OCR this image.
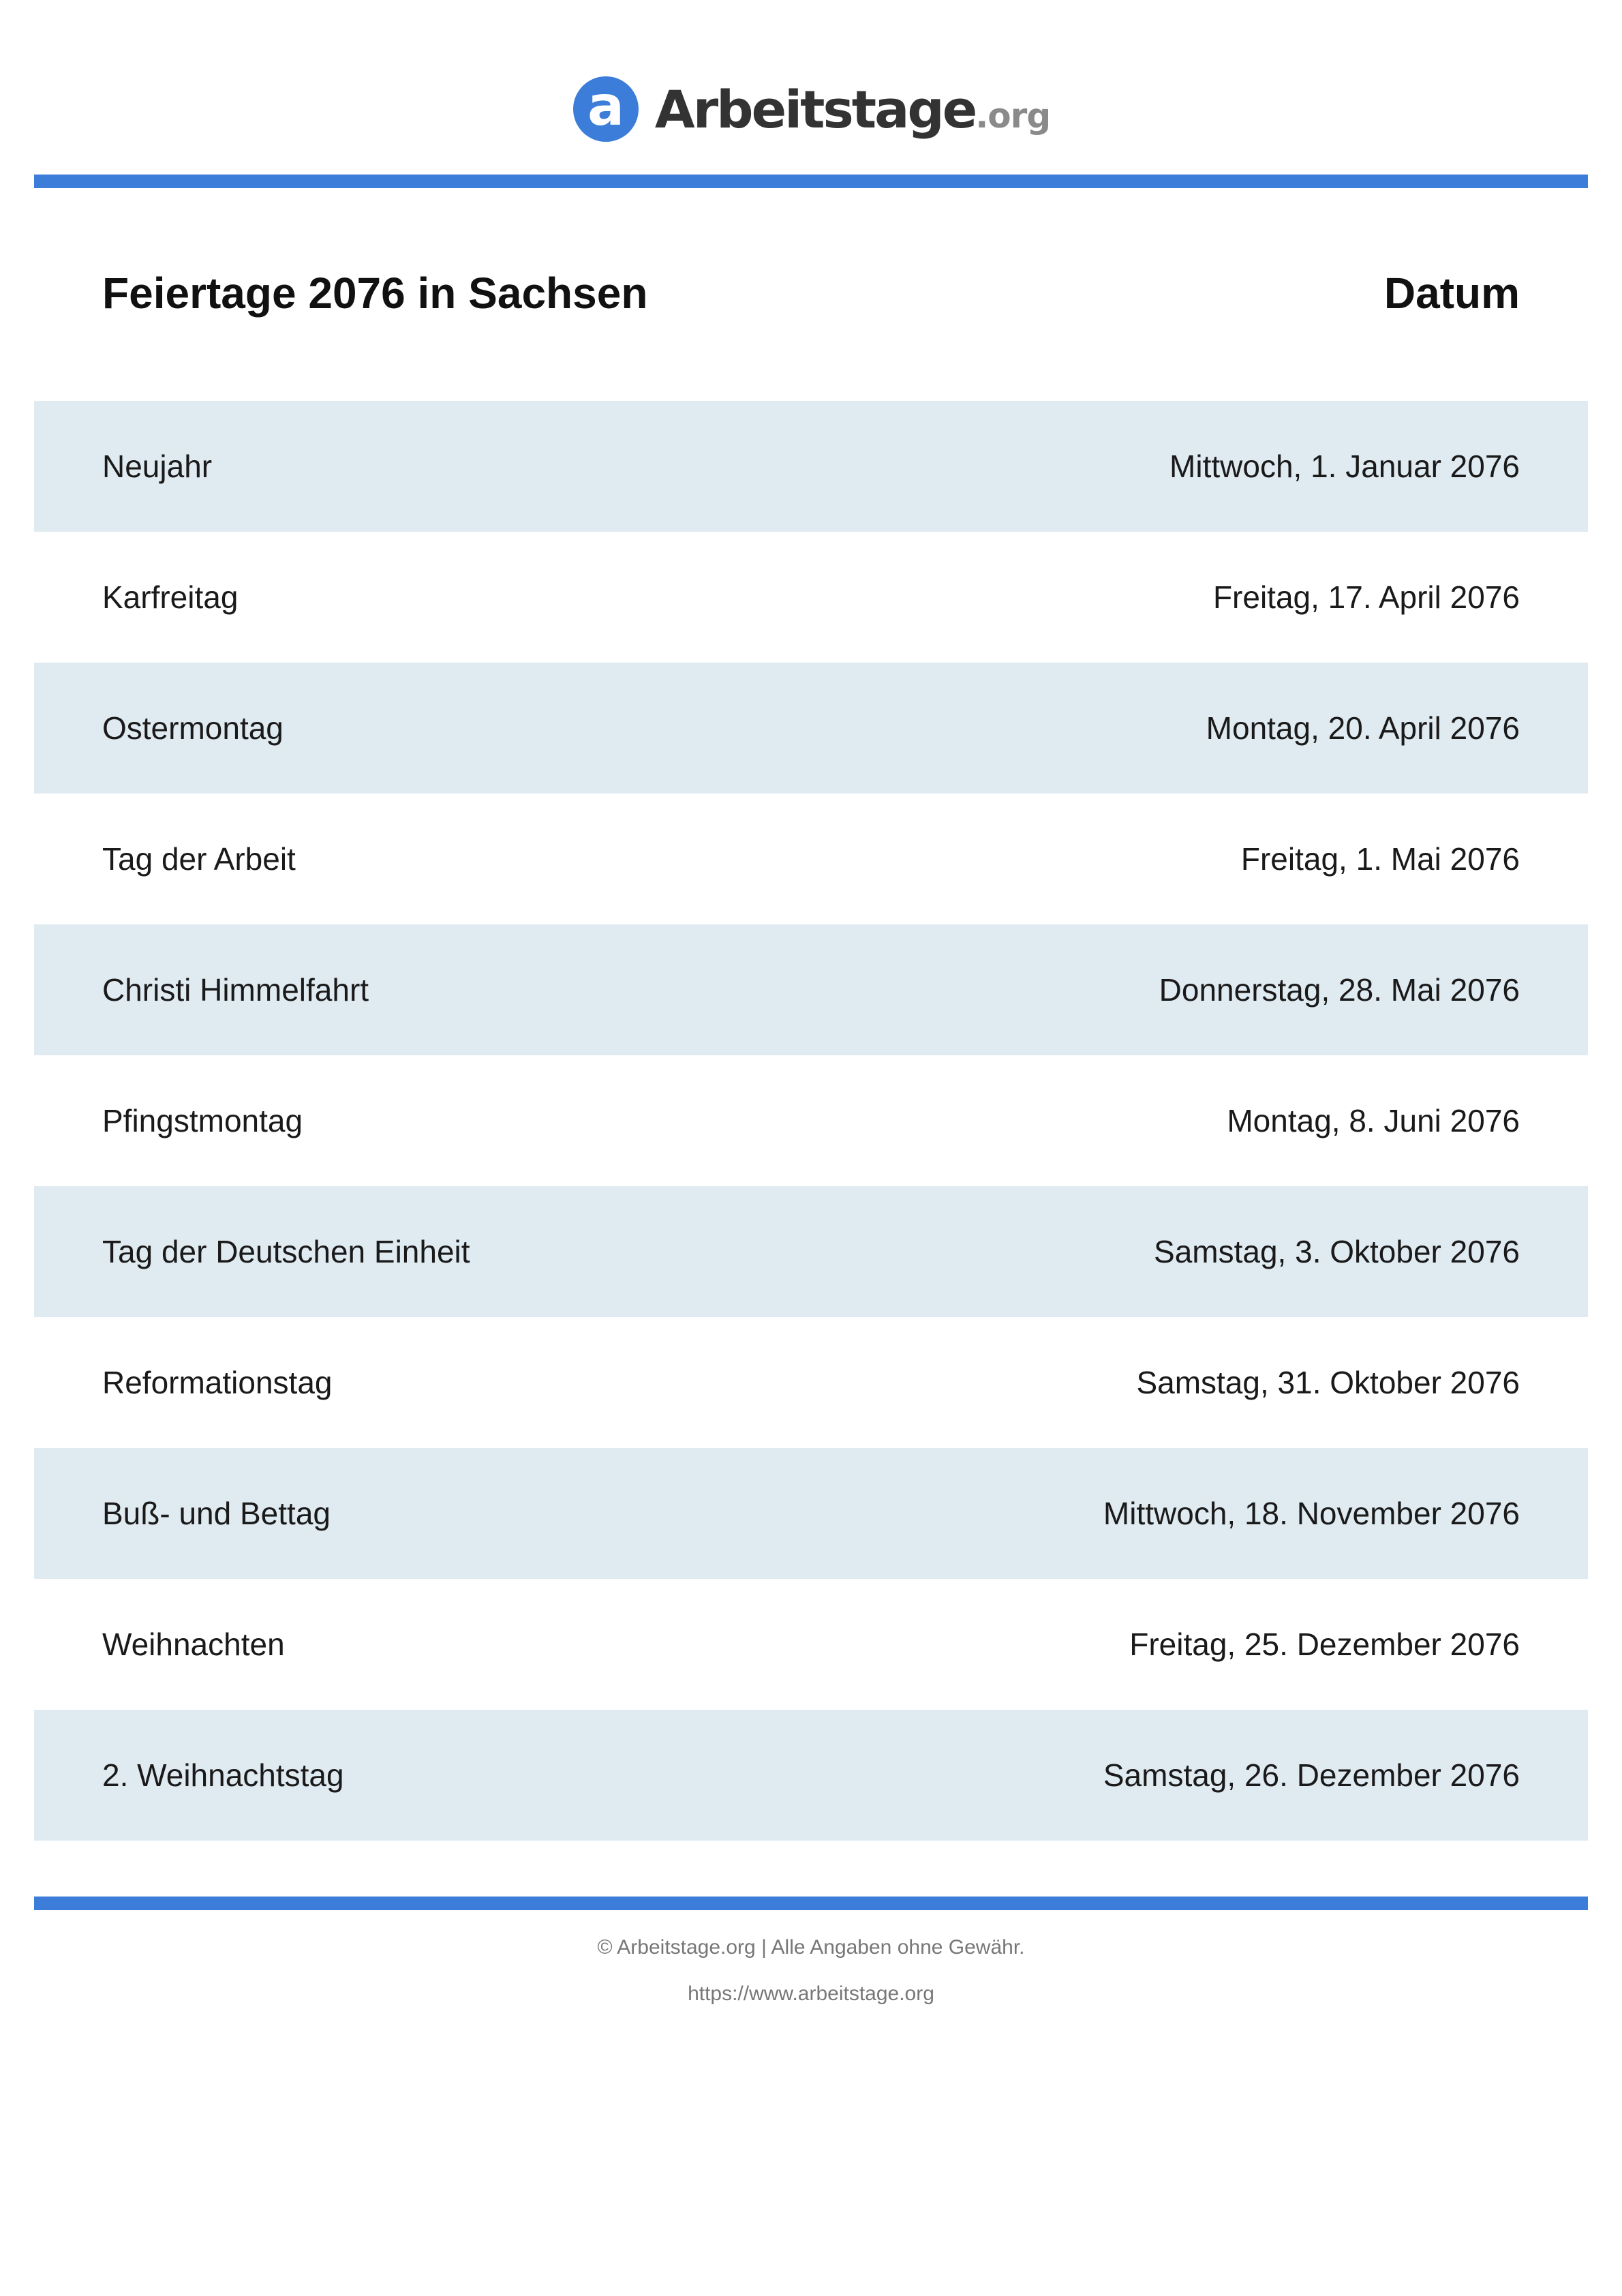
a Arbeitstage .org
Feiertage 2076 in Sachsen	Datum
Neujahr	Mittwoch, 1. Januar 2076
Karfreitag	Freitag, 17. April 2076
Ostermontag	Montag, 20. April 2076
Tag der Arbeit	Freitag, 1. Mai 2076
Christi Himmelfahrt	Donnerstag, 28. Mai 2076
Pfingstmontag	Montag, 8. Juni 2076
Tag der Deutschen Einheit	Samstag, 3. Oktober 2076
Reformationstag	Samstag, 31. Oktober 2076
Buß- und Bettag	Mittwoch, 18. November 2076
Weihnachten	Freitag, 25. Dezember 2076
2. Weihnachtstag	Samstag, 26. Dezember 2076
© Arbeitstage.org | Alle Angaben ohne Gewähr.
https://www.arbeitstage.org
